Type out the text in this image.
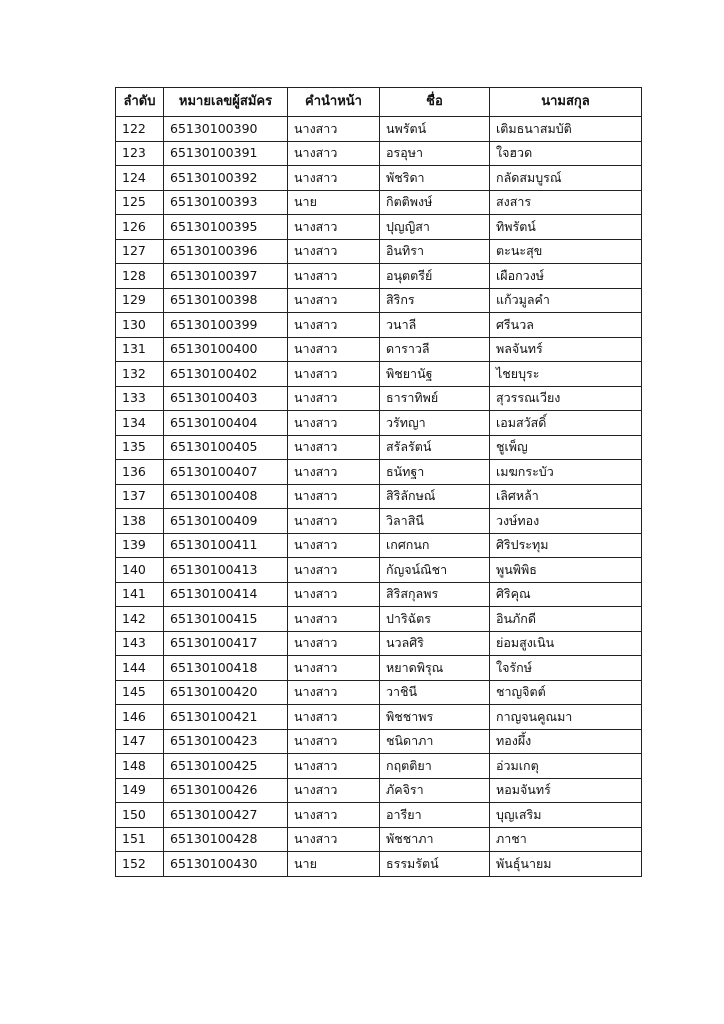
ลำดับ	หมายเลขผู้สมัคร	คำนำหน้า	ชื่อ	นามสกุล
122	65130100390	นางสาว	นพรัตน์	เติมธนาสมบัติ
123	65130100391	นางสาว	อรอุษา	ใจฮวด
124	65130100392	นางสาว	พัชริดา	กลัดสมบูรณ์
125	65130100393	นาย	กิตติพงษ์	สงสาร
126	65130100395	นางสาว	ปุญญิสา	ทิพรัตน์
127	65130100396	นางสาว	อินทิรา	ตะนะสุข
128	65130100397	นางสาว	อนุตตรีย์	เผือกวงษ์
129	65130100398	นางสาว	สิริกร	แก้วมูลคำ
130	65130100399	นางสาว	วนาลี	ศรีนวล
131	65130100400	นางสาว	ดาราวลี	พลจันทร์
132	65130100402	นางสาว	พิชยานัฐ	ไชยบุระ
133	65130100403	นางสาว	ธาราทิพย์	สุวรรณเวียง
134	65130100404	นางสาว	วรัทญา	เอมสวัสดิ์
135	65130100405	นางสาว	สรัลรัตน์	ชูเพ็ญ
136	65130100407	นางสาว	ธนัทฐา	เมฆกระบัว
137	65130100408	นางสาว	สิริลักษณ์	เลิศหล้า
138	65130100409	นางสาว	วิลาสินี	วงษ์ทอง
139	65130100411	นางสาว	เกศกนก	ศิริประทุม
140	65130100413	นางสาว	กัญจน์ณิชา	พูนพิพิธ
141	65130100414	นางสาว	สิริสกุลพร	ศิริคุณ
142	65130100415	นางสาว	ปาริฉัตร	อินภักดี
143	65130100417	นางสาว	นวลศิริ	ย่อมสูงเนิน
144	65130100418	นางสาว	หยาดพิรุณ	ใจรักษ์
145	65130100420	นางสาว	วาชินี	ชาญจิตต์
146	65130100421	นางสาว	พิชชาพร	กาญจนคูณมา
147	65130100423	นางสาว	ชนิดาภา	ทองผึ้ง
148	65130100425	นางสาว	กฤตติยา	อ่วมเกตุ
149	65130100426	นางสาว	ภัคจิรา	หอมจันทร์
150	65130100427	นางสาว	อารียา	บุญเสริม
151	65130100428	นางสาว	พัชชาภา	ภาชา
152	65130100430	นาย	ธรรมรัตน์	พันธุ์นายม
